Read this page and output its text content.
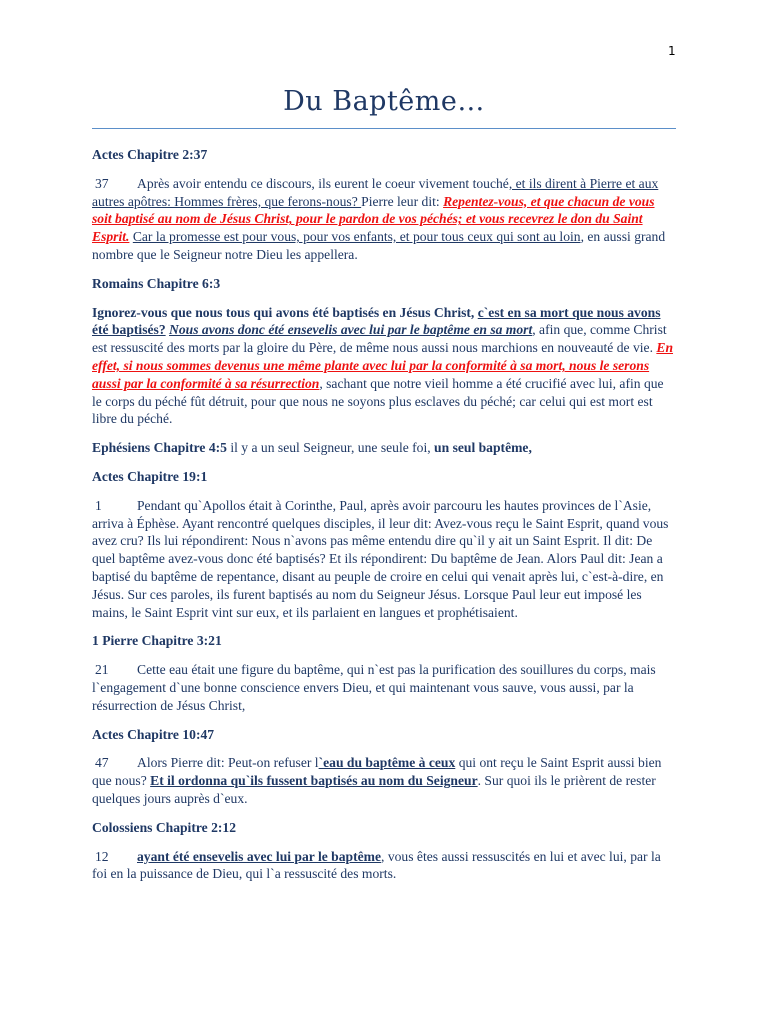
1
Du Baptême…

Actes Chapitre 2:37

37 Après avoir entendu ce discours, ils eurent le coeur vivement touché, et ils dirent à Pierre et aux autres apôtres: Hommes frères, que ferons-nous? Pierre leur dit: Repentez-vous, et que chacun de vous soit baptisé au nom de Jésus Christ, pour le pardon de vos péchés; et vous recevrez le don du Saint Esprit. Car la promesse est pour vous, pour vos enfants, et pour tous ceux qui sont au loin, en aussi grand nombre que le Seigneur notre Dieu les appellera.

Romains Chapitre 6:3

Ignorez-vous que nous tous qui avons été baptisés en Jésus Christ, c`est en sa mort que nous avons été baptisés? Nous avons donc été ensevelis avec lui par le baptême en sa mort, afin que, comme Christ est ressuscité des morts par la gloire du Père, de même nous aussi nous marchions en nouveauté de vie. En effet, si nous sommes devenus une même plante avec lui par la conformité à sa mort, nous le serons aussi par la conformité à sa résurrection, sachant que notre vieil homme a été crucifié avec lui, afin que le corps du péché fût détruit, pour que nous ne soyons plus esclaves du péché; car celui qui est mort est libre du péché.

Ephésiens Chapitre 4:5 il y a un seul Seigneur, une seule foi, un seul baptême,

Actes Chapitre 19:1

1	Pendant qu`Apollos était à Corinthe, Paul, après avoir parcouru les hautes provinces de l`Asie, arriva à Éphèse. Ayant rencontré quelques disciples, il leur dit: Avez-vous reçu le Saint Esprit, quand vous avez cru? Ils lui répondirent: Nous n`avons pas même entendu dire qu`il y ait un Saint Esprit. Il dit: De quel baptême avez-vous donc été baptisés? Et ils répondirent: Du baptême de Jean. Alors Paul dit: Jean a baptisé du baptême de repentance, disant au peuple de croire en celui qui venait après lui, c`est-à-dire, en Jésus. Sur ces paroles, ils furent baptisés au nom du Seigneur Jésus. Lorsque Paul leur eut imposé les mains, le Saint Esprit vint sur eux, et ils parlaient en langues et prophétisaient.

1 Pierre Chapitre 3:21

21 Cette eau était une figure du baptême, qui n`est pas la purification des souillures du corps, mais l`engagement d`une bonne conscience envers Dieu, et qui maintenant vous sauve, vous aussi, par la résurrection de Jésus Christ,

Actes Chapitre 10:47

47 Alors Pierre dit: Peut-on refuser l`eau du baptême à ceux qui ont reçu le Saint Esprit aussi bien que nous? Et il ordonna qu`ils fussent baptisés au nom du Seigneur. Sur quoi ils le prièrent de rester quelques jours auprès d`eux.

Colossiens Chapitre 2:12

12 ayant été ensevelis avec lui par le baptême, vous êtes aussi ressuscités en lui et avec lui, par la foi en la puissance de Dieu, qui l`a ressuscité des morts.
